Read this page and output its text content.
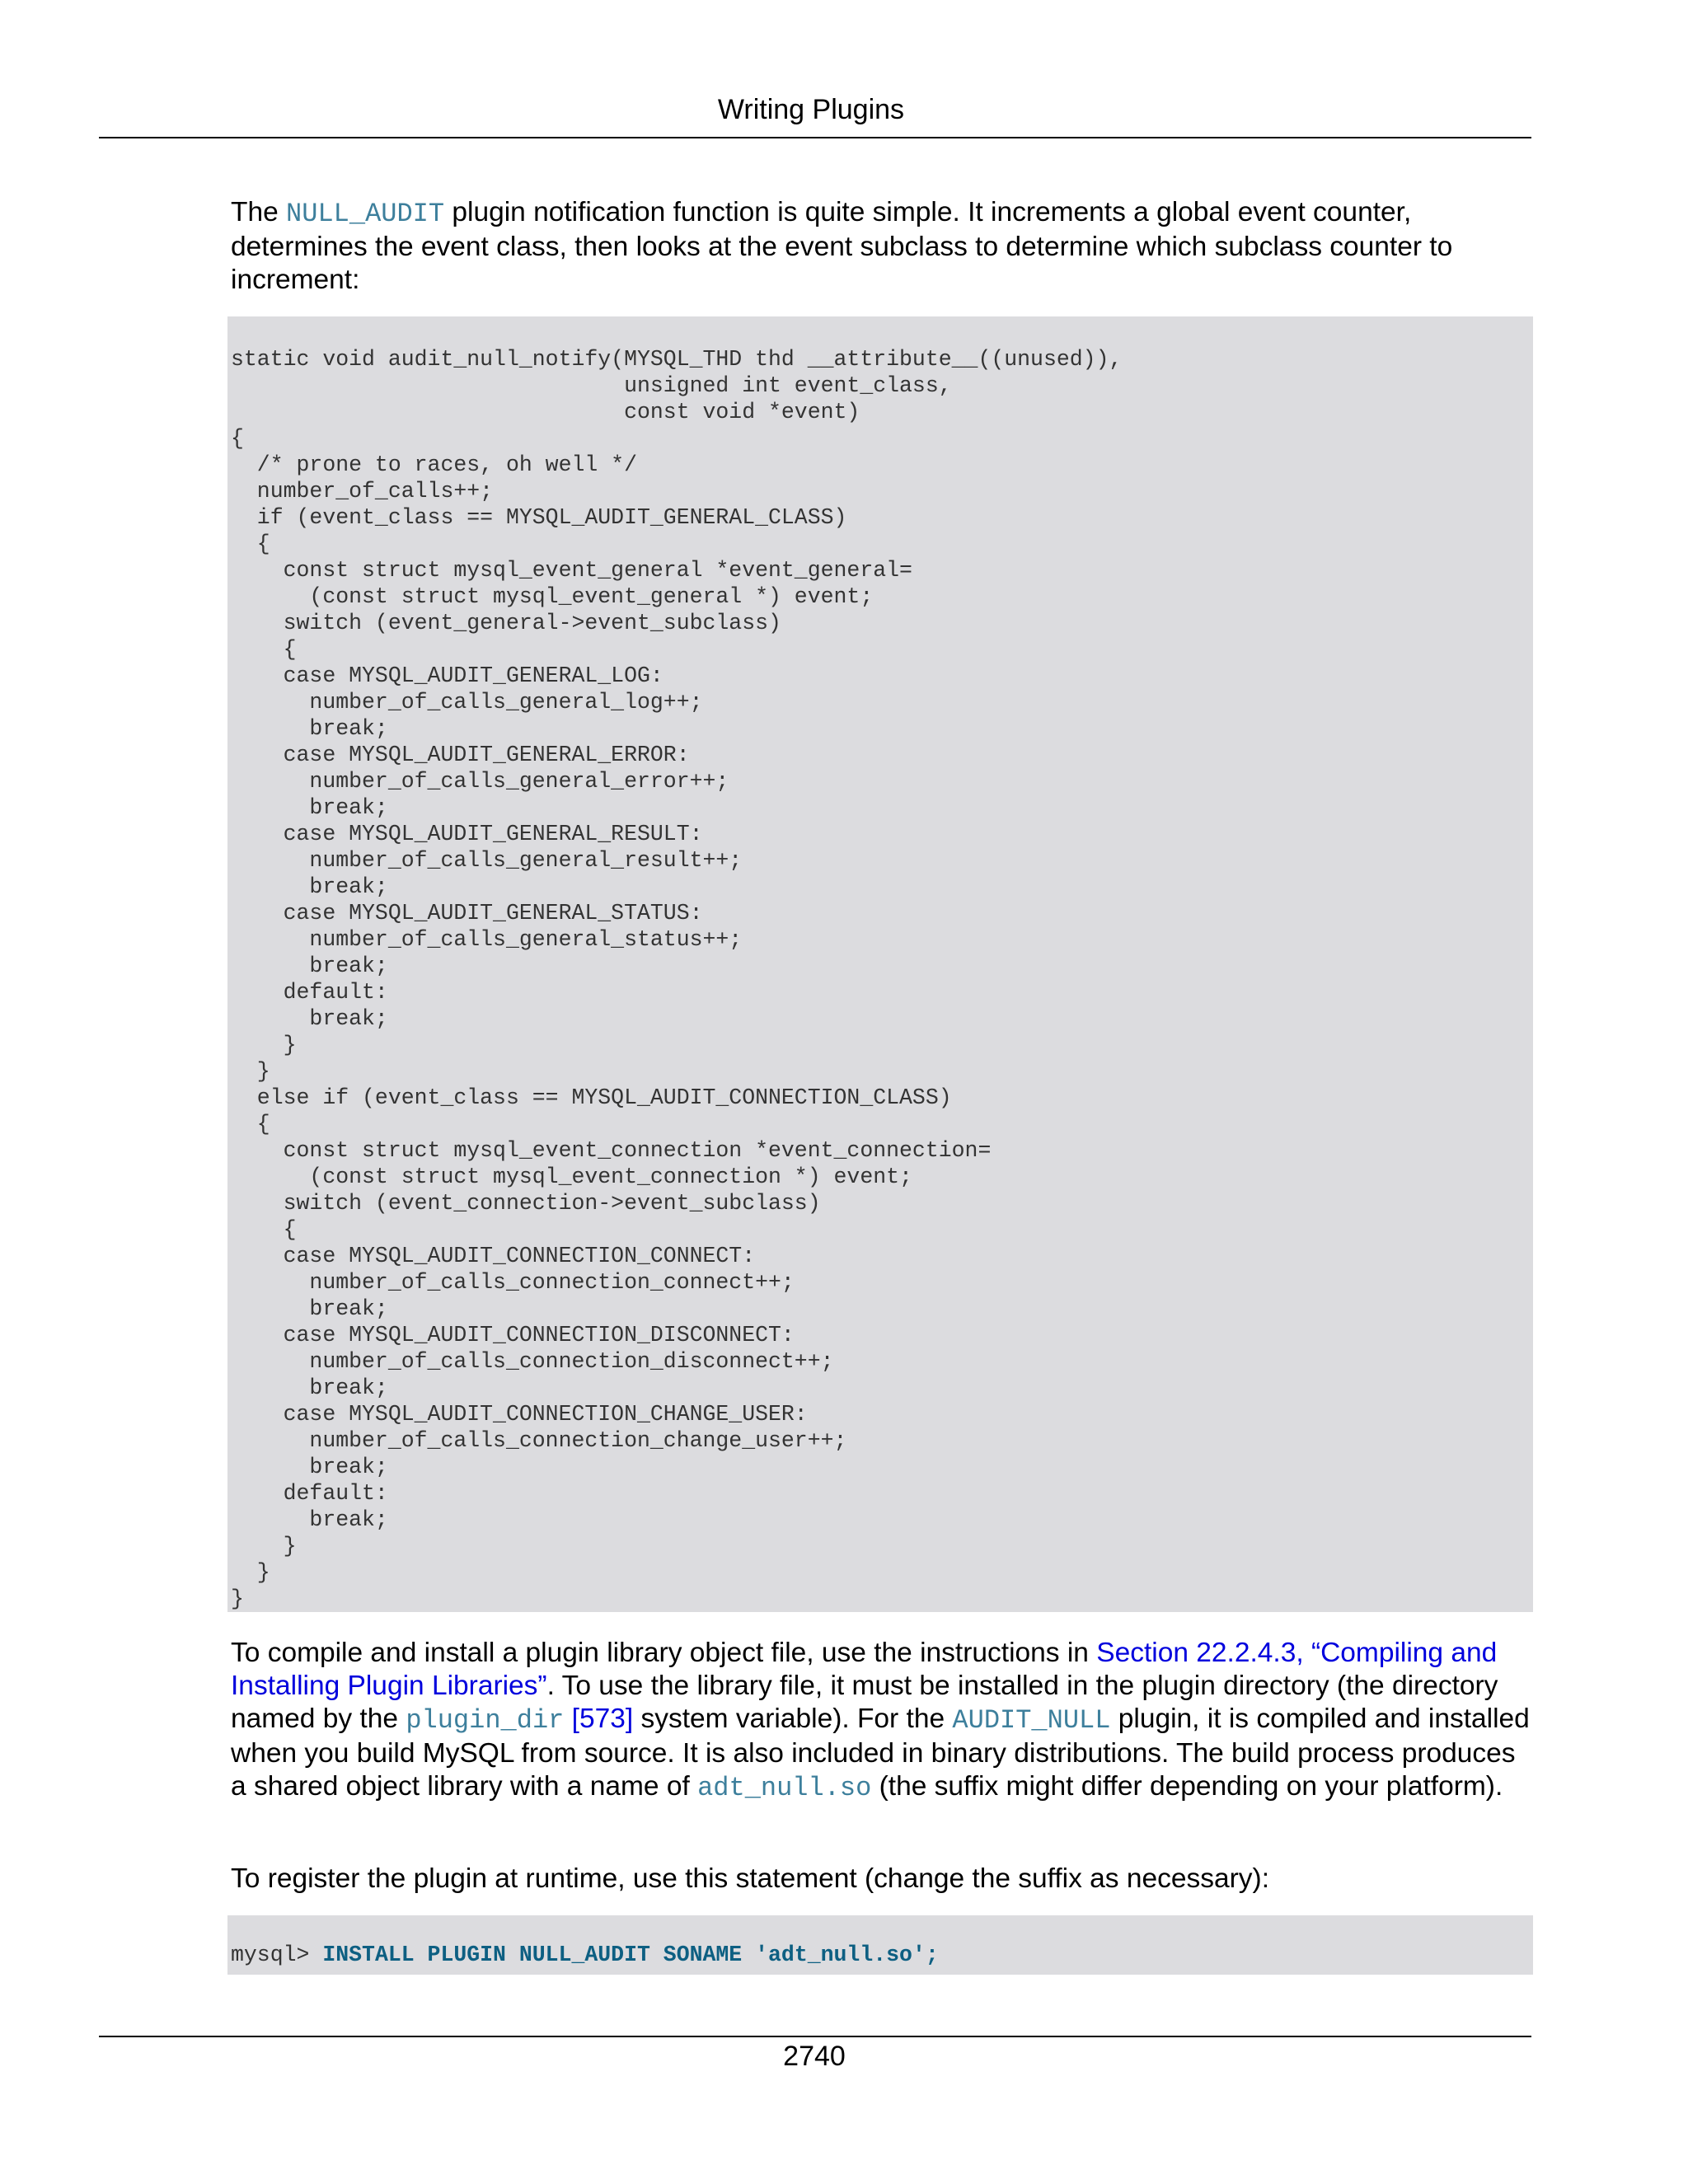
Writing Plugins
The NULL_AUDIT plugin notification function is quite simple. It increments a global event counter, determines the event class, then looks at the event subclass to determine which subclass counter to increment:
static void audit_null_notify(MYSQL_THD thd __attribute__((unused)),
unsigned int event_class,
const void *event)
{
/* prone to races, oh well */
number_of_calls++;
if (event_class == MYSQL_AUDIT_GENERAL_CLASS)
{
const struct mysql_event_general *event_general=
(const struct mysql_event_general *) event;
switch (event_general->event_subclass)
{
case MYSQL_AUDIT_GENERAL_LOG:
number_of_calls_general_log++;
break;
case MYSQL_AUDIT_GENERAL_ERROR:
number_of_calls_general_error++;
break;
case MYSQL_AUDIT_GENERAL_RESULT:
number_of_calls_general_result++;
break;
case MYSQL_AUDIT_GENERAL_STATUS:
number_of_calls_general_status++;
break;
default:
break;
}
}
else if (event_class == MYSQL_AUDIT_CONNECTION_CLASS)
{
const struct mysql_event_connection *event_connection=
(const struct mysql_event_connection *) event;
switch (event_connection->event_subclass)
{
case MYSQL_AUDIT_CONNECTION_CONNECT:
number_of_calls_connection_connect++;
break;
case MYSQL_AUDIT_CONNECTION_DISCONNECT:
number_of_calls_connection_disconnect++;
break;
case MYSQL_AUDIT_CONNECTION_CHANGE_USER:
number_of_calls_connection_change_user++;
break;
default:
break;
}
}
}
To compile and install a plugin library object file, use the instructions in Section 22.2.4.3, “Compiling and Installing Plugin Libraries”. To use the library file, it must be installed in the plugin directory (the directory named by the plugin_dir [573] system variable). For the AUDIT_NULL plugin, it is compiled and installed when you build MySQL from source. It is also included in binary distributions. The build process produces a shared object library with a name of adt_null.so (the suffix might differ depending on your platform).
To register the plugin at runtime, use this statement (change the suffix as necessary):
mysql> INSTALL PLUGIN NULL_AUDIT SONAME 'adt_null.so';
2740
